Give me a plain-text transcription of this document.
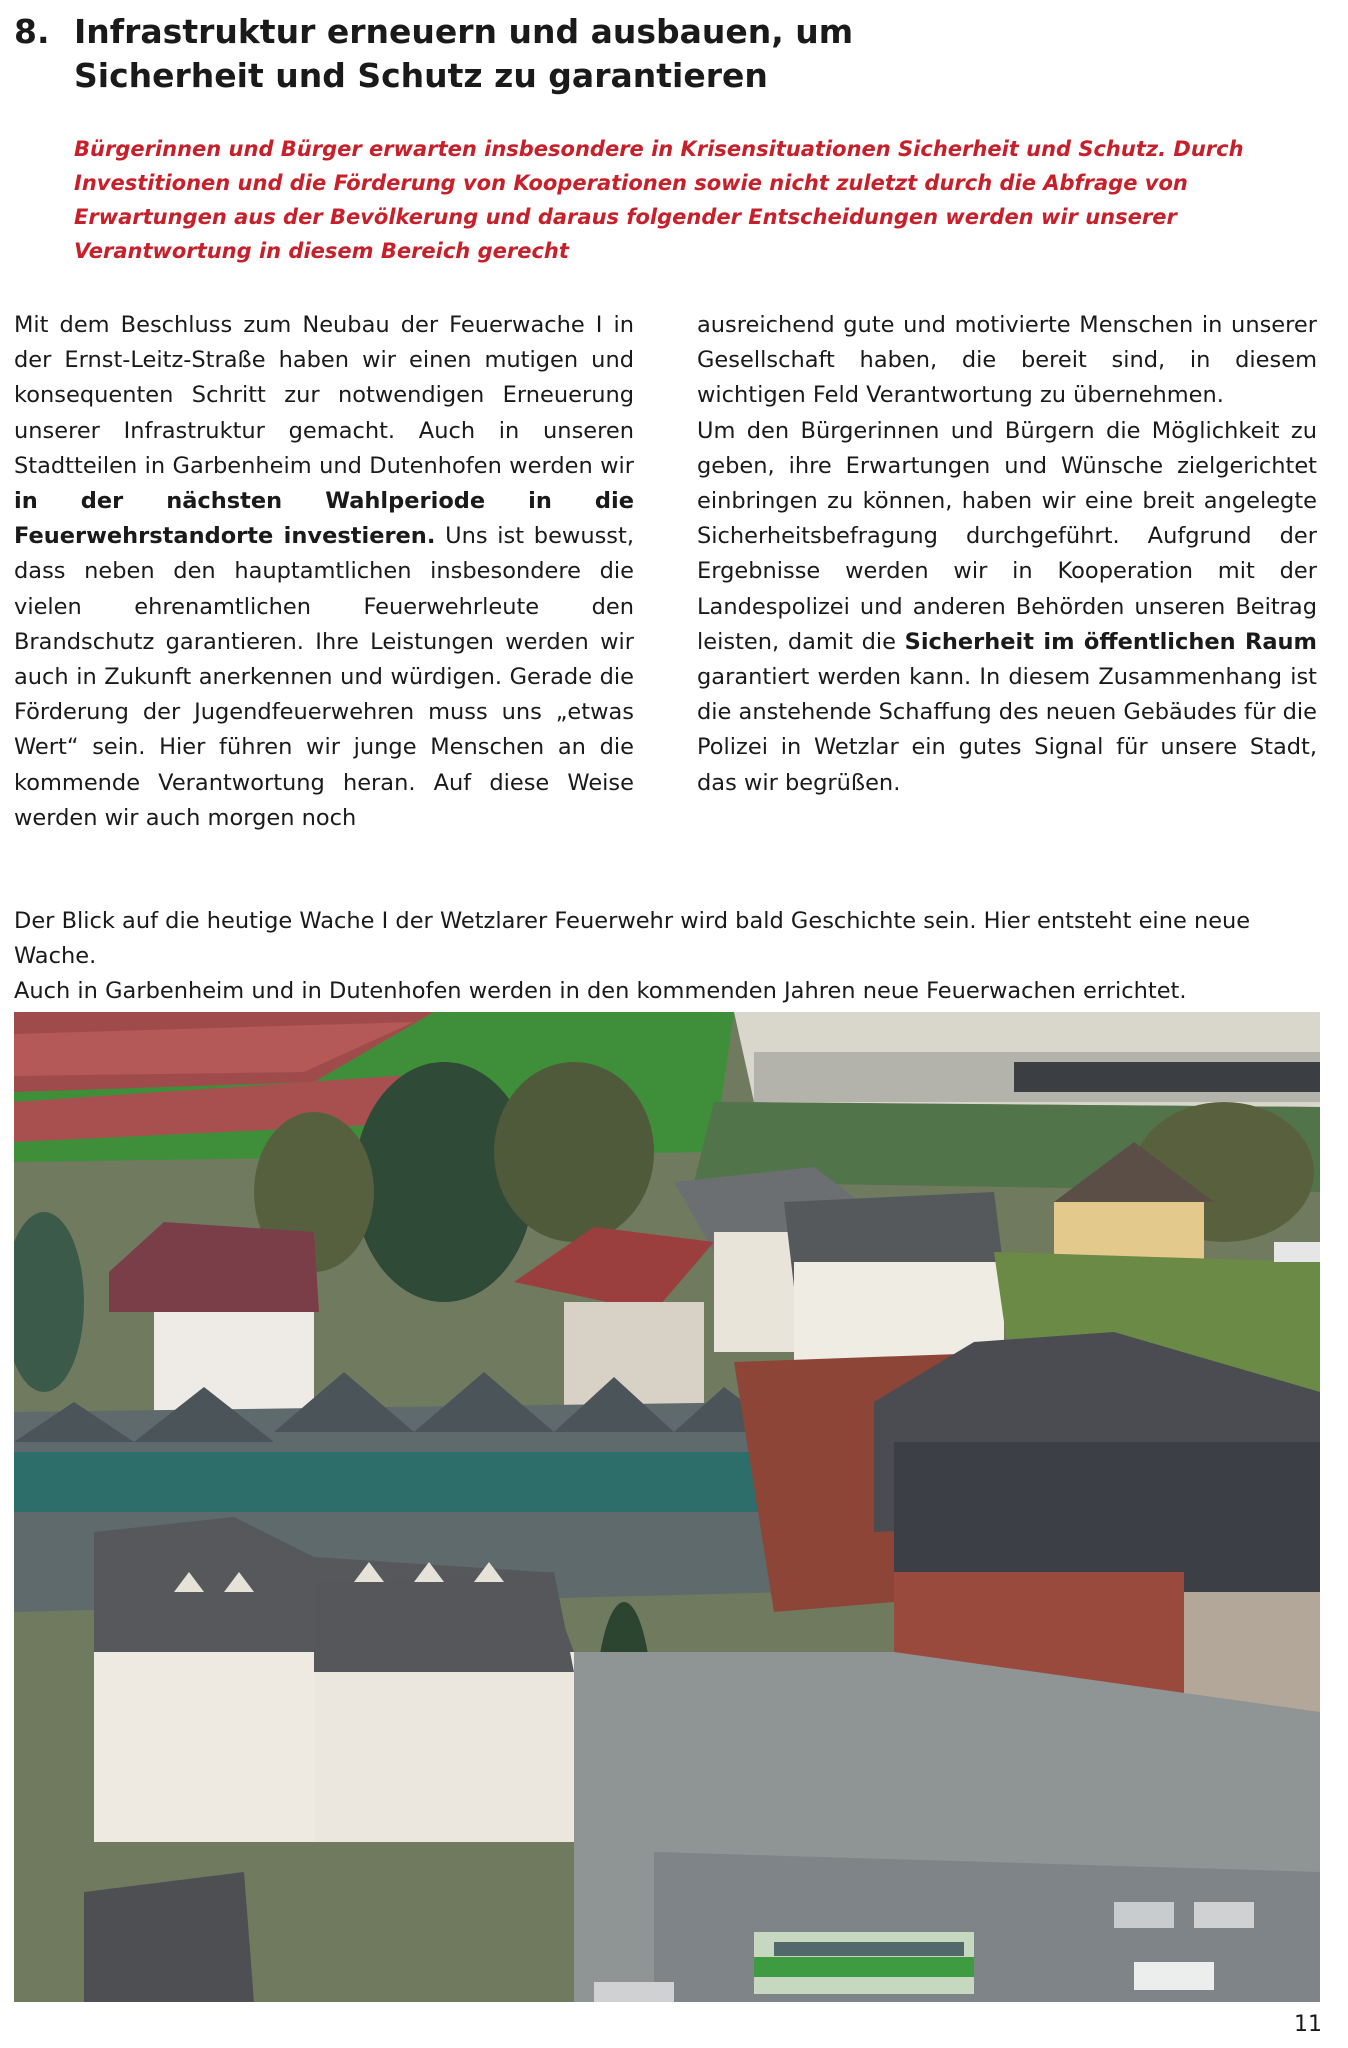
8. Infrastruktur erneuern und ausbauen, um
Sicherheit und Schutz zu garantieren

Bürgerinnen und Bürger erwarten insbesondere in Krisensituationen Sicherheit und Schutz. Durch Investitionen und die Förderung von Kooperationen sowie nicht zuletzt durch die Abfrage von Erwartungen aus der Bevölkerung und daraus folgender Entscheidungen werden wir unserer Verantwortung in diesem Bereich gerecht

Mit dem Beschluss zum Neubau der Feuerwache I in der Ernst-Leitz-Straße haben wir einen mutigen und konsequenten Schritt zur notwendigen Erneuerung unserer Infrastruktur gemacht. Auch in unseren Stadtteilen in Garbenheim und Dutenhofen werden wir in der nächsten Wahlperiode in die Feuerwehrstandorte investieren. Uns ist bewusst, dass neben den hauptamtlichen insbesondere die vielen ehrenamtlichen Feuerwehrleute den Brandschutz garantieren. Ihre Leistungen werden wir auch in Zukunft anerkennen und würdigen. Gerade die Förderung der Jugendfeuerwehren muss uns „etwas Wert“ sein. Hier führen wir junge Menschen an die kommende Verantwortung heran. Auf diese Weise werden wir auch morgen noch

ausreichend gute und motivierte Menschen in unserer Gesellschaft haben, die bereit sind, in diesem wichtigen Feld Verantwortung zu übernehmen.

Um den Bürgerinnen und Bürgern die Möglichkeit zu geben, ihre Erwartungen und Wünsche zielgerichtet einbringen zu können, haben wir eine breit angelegte Sicherheitsbefragung durchgeführt. Aufgrund der Ergebnisse werden wir in Kooperation mit der Landespolizei und anderen Behörden unseren Beitrag leisten, damit die Sicherheit im öffentlichen Raum garantiert werden kann. In diesem Zusammenhang ist die anstehende Schaffung des neuen Gebäudes für die Polizei in Wetzlar ein gutes Signal für unsere Stadt, das wir begrüßen.

Der Blick auf die heutige Wache I der Wetzlarer Feuerwehr wird bald Geschichte sein. Hier entsteht eine neue Wache.
Auch in Garbenheim und in Dutenhofen werden in den kommenden Jahren neue Feuerwachen errichtet.
11
